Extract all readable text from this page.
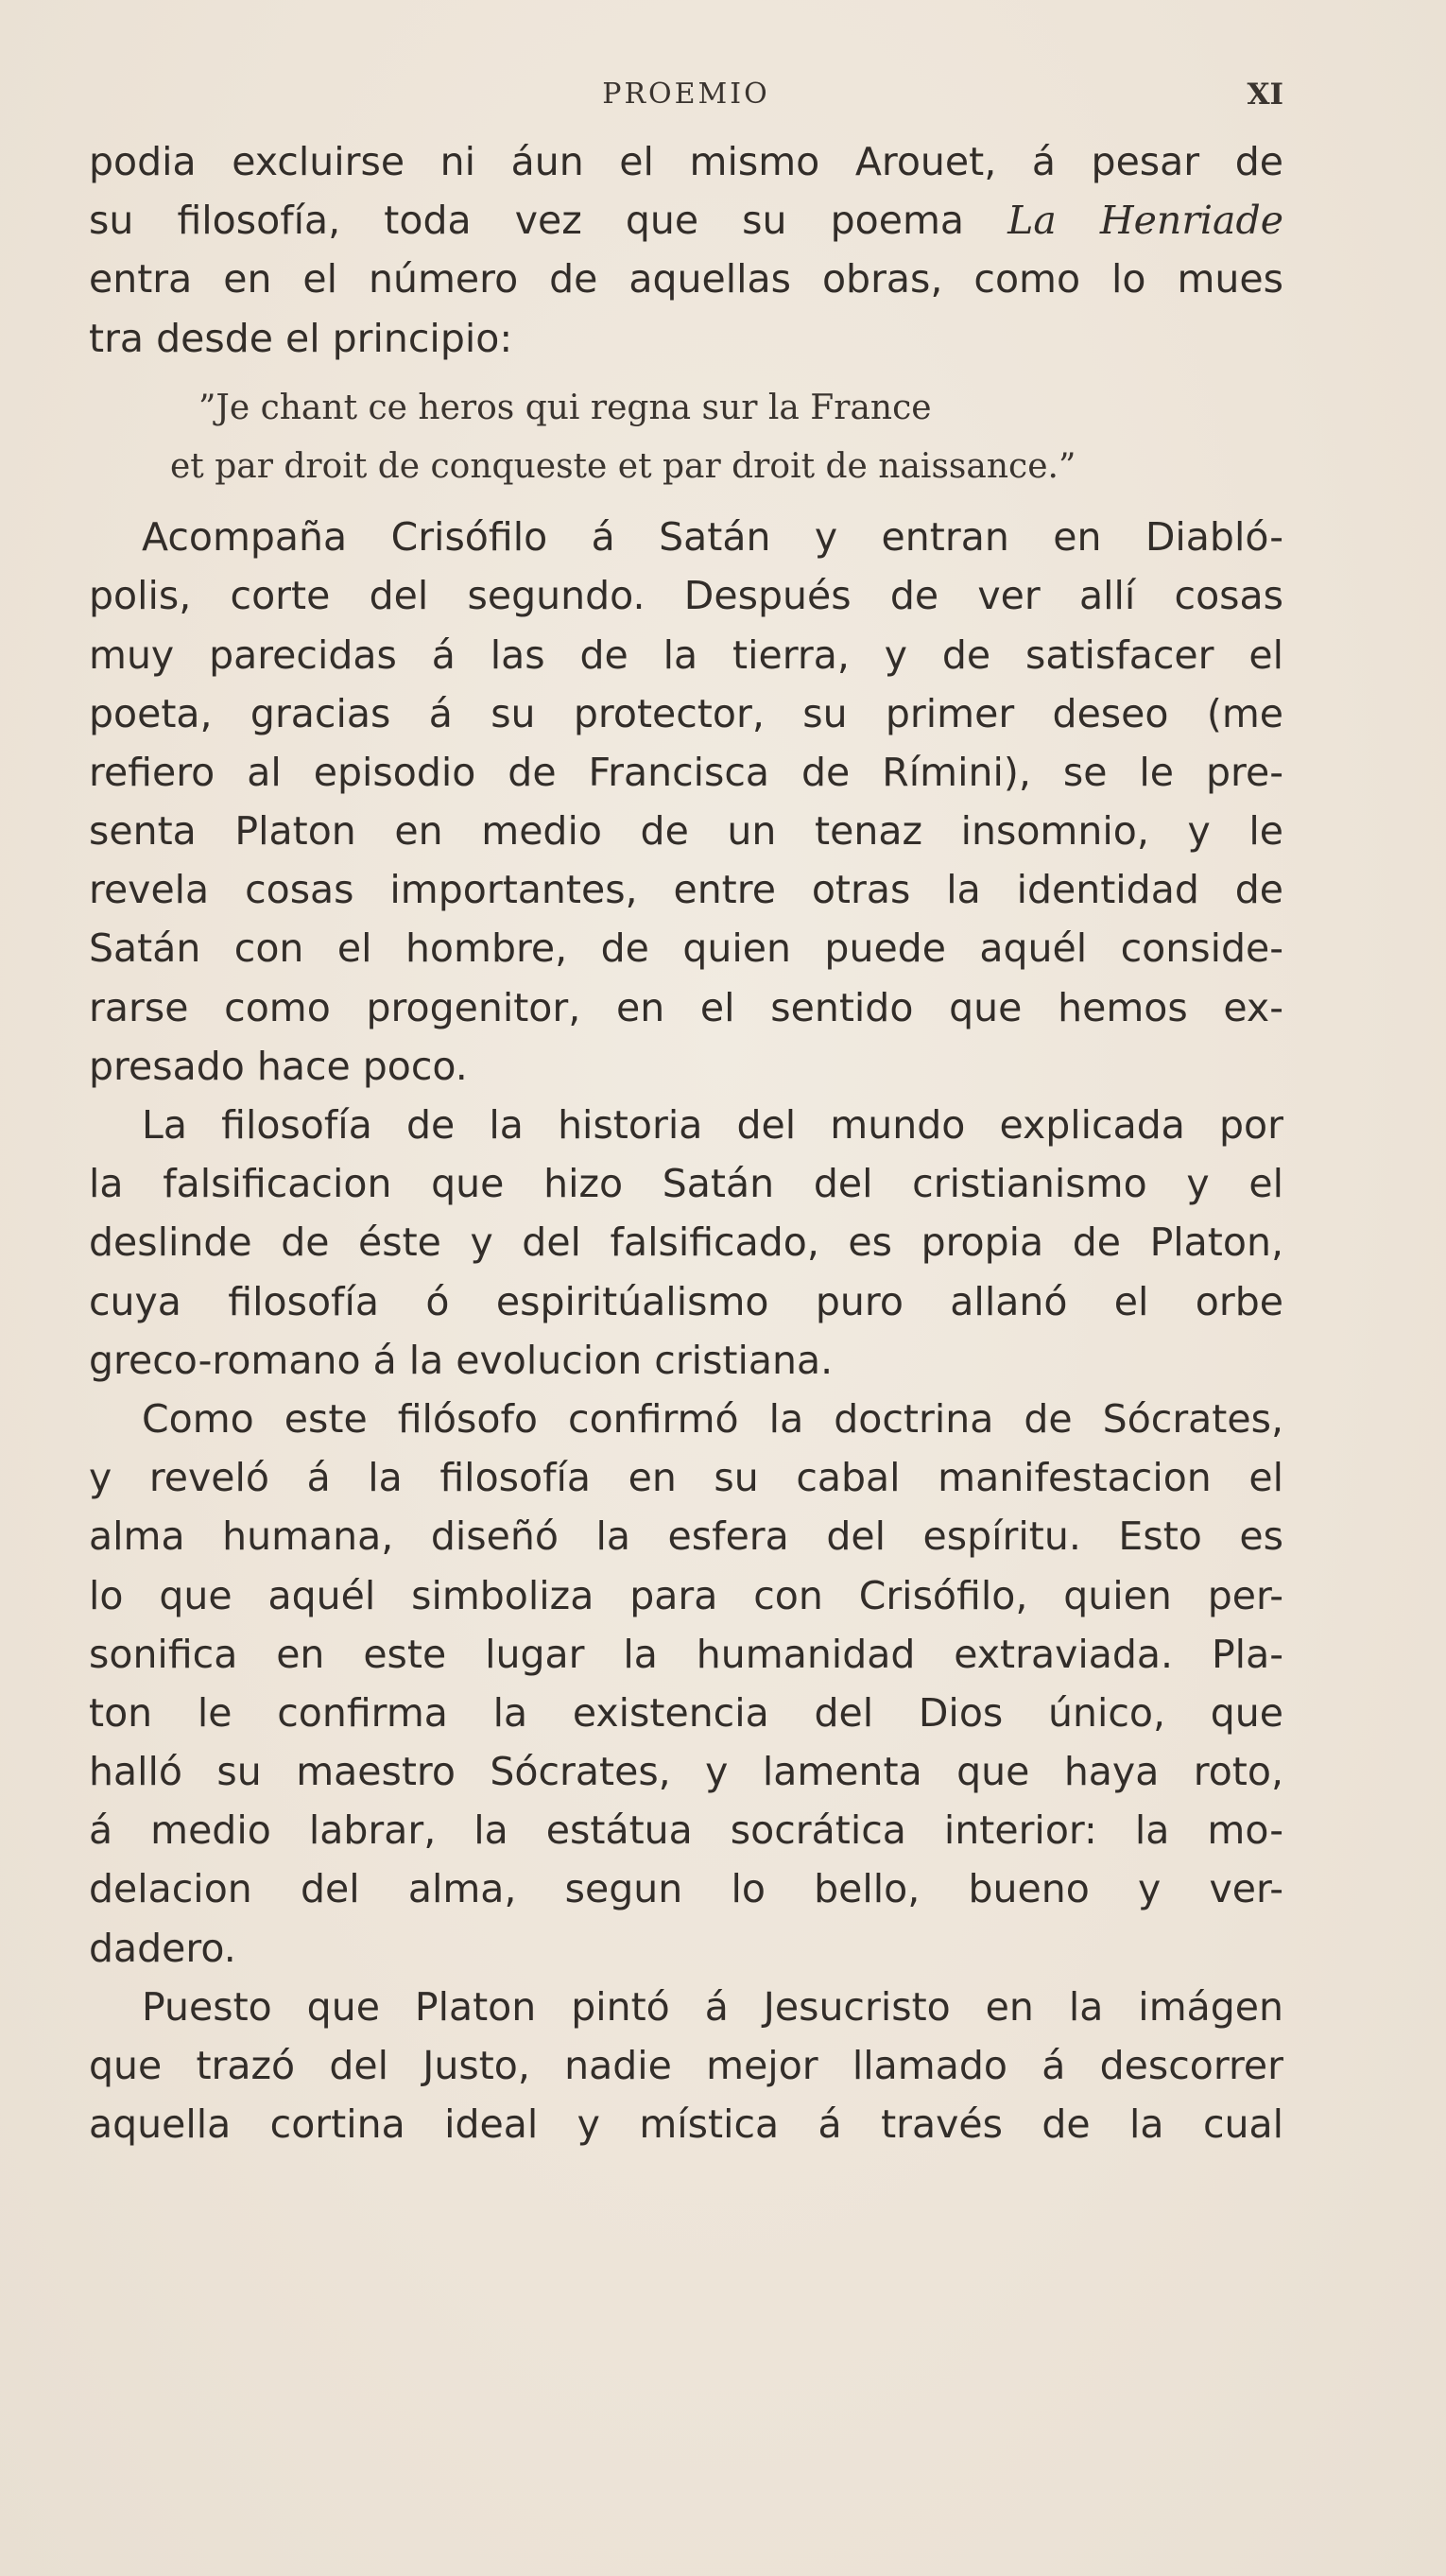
PROEMIO	XI
podia excluirse ni áun el mismo Arouet, á pesar de
su filosofía, toda vez que su poema La Henriade
entra en el número de aquellas obras, como lo mues
tra desde el principio:
”Je chant ce heros qui regna sur la France
et par droit de conqueste et par droit de naissance.”
Acompaña Crisófilo á Satán y entran en Diabló-
polis, corte del segundo. Después de ver allí cosas
muy parecidas á las de la tierra, y de satisfacer el
poeta, gracias á su protector, su primer deseo (me
refiero al episodio de Francisca de Rímini), se le pre-
senta Platon en medio de un tenaz insomnio, y le
revela cosas importantes, entre otras la identidad de
Satán con el hombre, de quien puede aquél conside-
rarse como progenitor, en el sentido que hemos ex-
presado hace poco.
La filosofía de la historia del mundo explicada por
la falsificacion que hizo Satán del cristianismo y el
deslinde de éste y del falsificado, es propia de Platon,
cuya filosofía ó espiritúalismo puro allanó el orbe
greco-romano á la evolucion cristiana.
Como este filósofo confirmó la doctrina de Sócrates,
y reveló á la filosofía en su cabal manifestacion el
alma humana, diseñó la esfera del espíritu. Esto es
lo que aquél simboliza para con Crisófilo, quien per-
sonifica en este lugar la humanidad extraviada. Pla-
ton le confirma la existencia del Dios único, que
halló su maestro Sócrates, y lamenta que haya roto,
á medio labrar, la estátua socrática interior: la mo-
delacion del alma, segun lo bello, bueno y ver-
dadero.
Puesto que Platon pintó á Jesucristo en la imágen
que trazó del Justo, nadie mejor llamado á descorrer
aquella cortina ideal y mística á través de la cual
